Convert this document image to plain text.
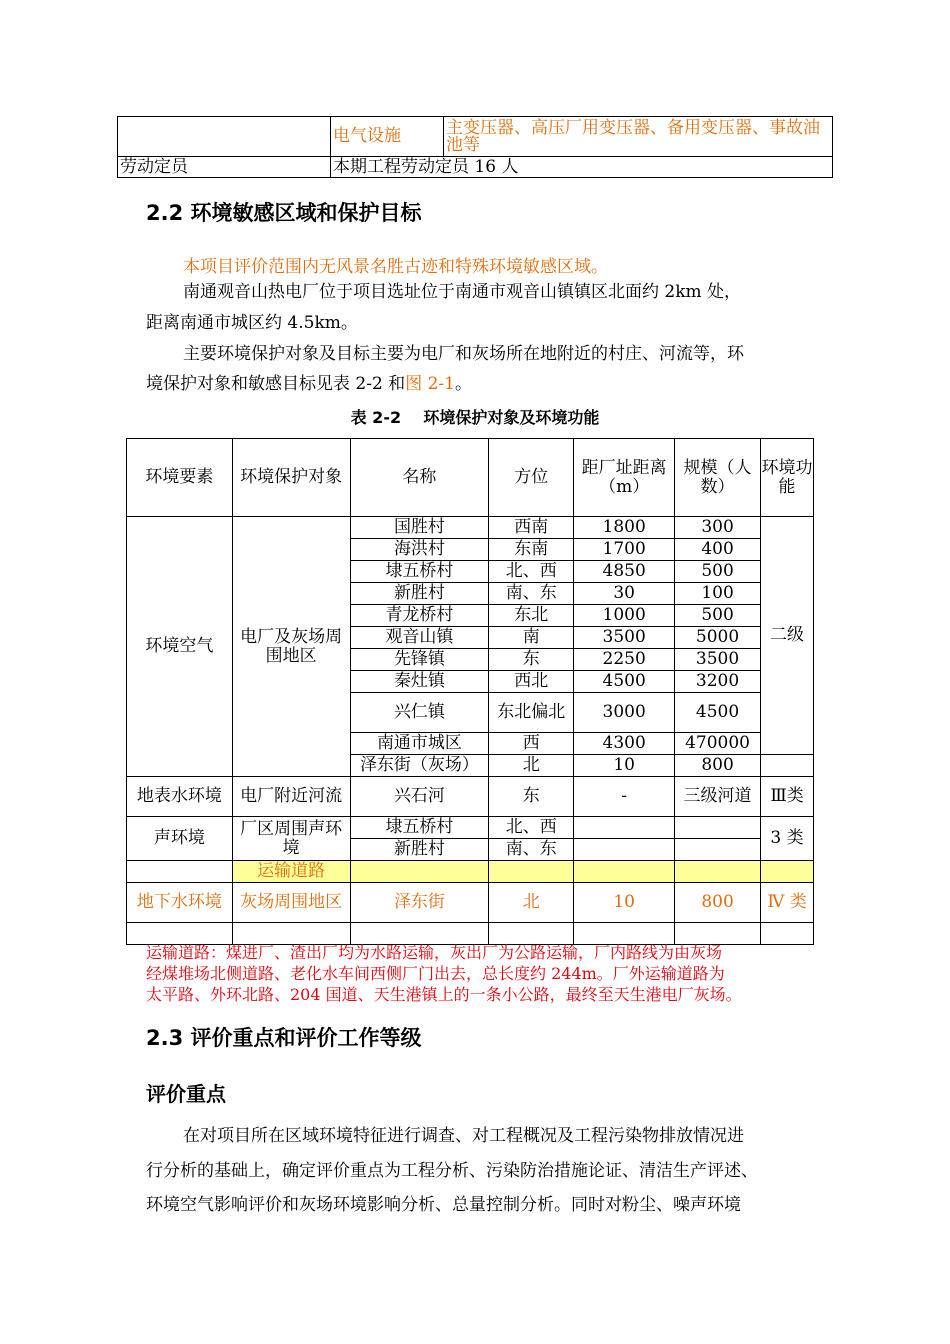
	电气设施	主变压器、高压厂用变压器、备用变压器、事故油池等
劳动定员	本期工程劳动定员 16 人	
2.2 环境敏感区域和保护目标
本项目评价范围内无风景名胜古迹和特殊环境敏感区域。
南通观音山热电厂位于项目选址位于南通市观音山镇镇区北面约 2km 处，
距离南通市城区约 4.5km。
主要环境保护对象及目标主要为电厂和灰场所在地附近的村庄、河流等，环
境保护对象和敏感目标见表 2-2 和图 2-1。
表 2-2    环境保护对象及环境功能
环境要素	环境保护对象	名称	方位	距厂址距离（m）	规模（人数）	环境功能
环境空气	电厂及灰场周围地区	国胜村	西南	1800	300	二级
		海洪村	东南	1700	400	
		埭五桥村	北、西	4850	500	
		新胜村	南、东	30	100	
		青龙桥村	东北	1000	500	
		观音山镇	南	3500	5000	
		先锋镇	东	2250	3500	
		秦灶镇	西北	4500	3200	
		兴仁镇	东北偏北	3000	4500	
		南通市城区	西	4300	470000	
		泽东街（灰场）	北	10	800	
地表水环境	电厂附近河流	兴石河	东	-	三级河道	Ⅲ类
声环境	厂区周围声环境	埭五桥村	北、西			3 类
		新胜村	南、东			
	运输道路					
地下水环境	灰场周围地区	泽东街	北	10	800	Ⅳ 类

运输道路：煤进厂、渣出厂均为水路运输，灰出厂为公路运输，厂内路线为由灰场
经煤堆场北侧道路、老化水车间西侧厂门出去，总长度约 244m。厂外运输道路为
太平路、外环北路、204 国道、天生港镇上的一条小公路，最终至天生港电厂灰场。
2.3 评价重点和评价工作等级
评价重点
在对项目所在区域环境特征进行调查、对工程概况及工程污染物排放情况进
行分析的基础上，确定评价重点为工程分析、污染防治措施论证、清洁生产评述、
环境空气影响评价和灰场环境影响分析、总量控制分析。同时对粉尘、噪声环境
